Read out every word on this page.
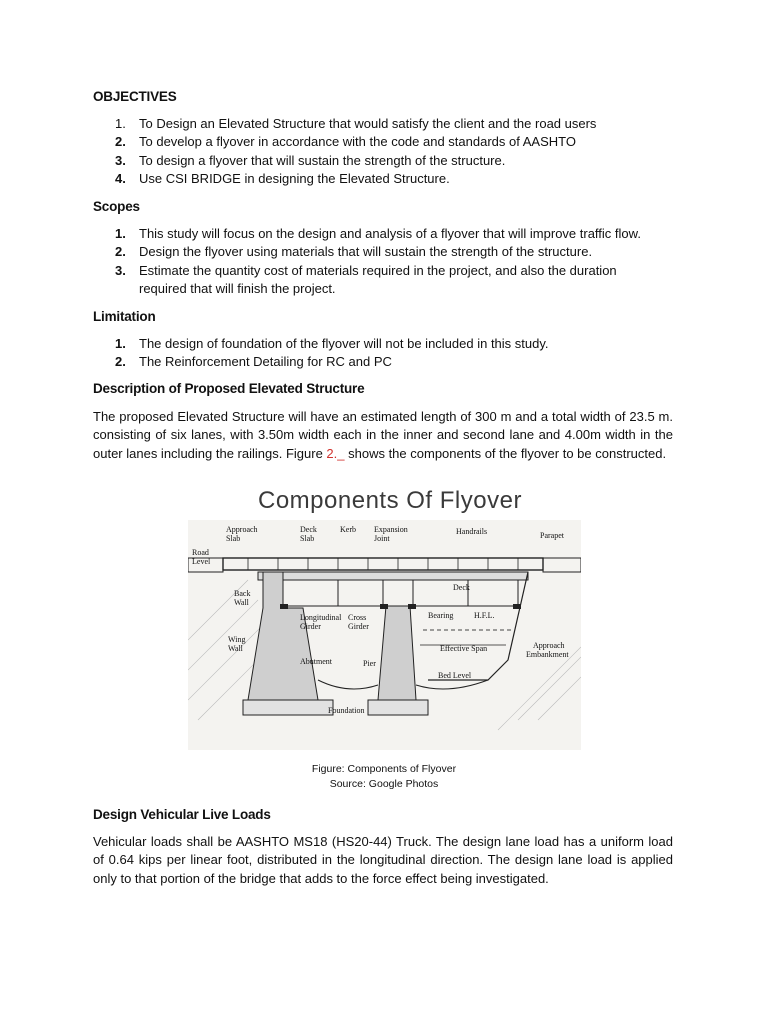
OBJECTIVES
1. To Design an Elevated Structure that would satisfy the client and the road users
2. To develop a flyover in accordance with the code and standards of AASHTO
3. To design a flyover that will sustain the strength of the structure.
4. Use CSI BRIDGE in designing the Elevated Structure.
Scopes
1. This study will focus on the design and analysis of a flyover that will improve traffic flow.
2. Design the flyover using materials that will sustain the strength of the structure.
3. Estimate the quantity cost of materials required in the project, and also the duration required that will finish the project.
Limitation
1. The design of foundation of the flyover will not be included in this study.
2. The Reinforcement Detailing for RC and PC
Description of Proposed Elevated Structure
The proposed Elevated Structure will have an estimated length of 300 m and a total width of 23.5 m. consisting of six lanes, with 3.50m width each in the inner and second lane and 4.00m width in the outer lanes including the railings. Figure 2._ shows the components of the flyover to be constructed.
Components Of Flyover
Approach
Slab
Deck
Slab
Kerb Expansion
Joint
Handrails	Parapet
Road
Level
Deck
Back
Wall
Longitudinal
Girder
Cross
Girder
Bearing	H.F.L.
Wing
Wall
Abutment	Pier
Effective Span	Approach
Embankment
Bed Level
Foundation
Figure: Components of Flyover
Source: Google Photos
Design Vehicular Live Loads
Vehicular loads shall be AASHTO MS18 (HS20-44) Truck. The design lane load has a uniform load of 0.64 kips per linear foot, distributed in the longitudinal direction. The design lane load is applied only to that portion of the bridge that adds to the force effect being investigated.
